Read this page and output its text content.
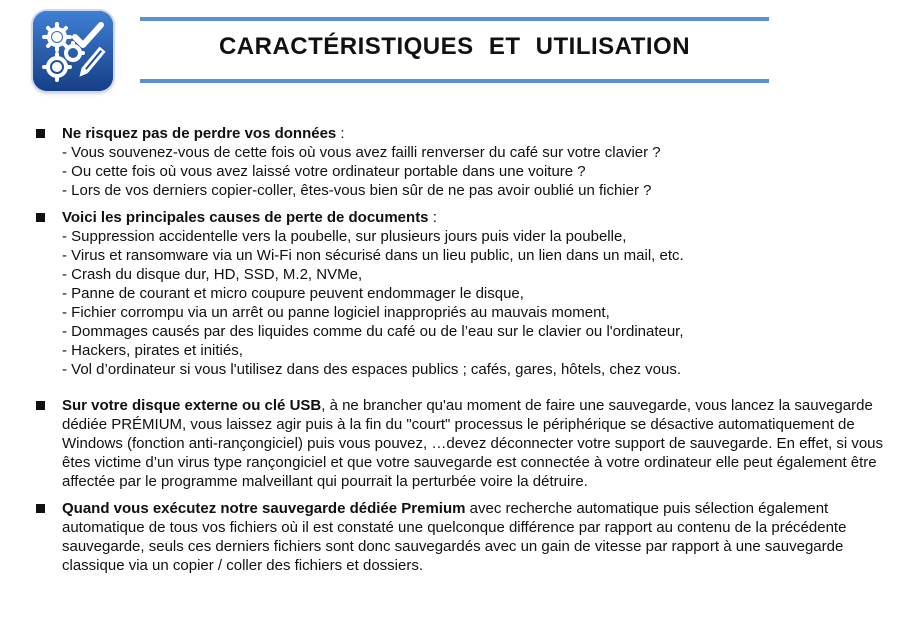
CARACTÉRISTIQUES ET UTILISATION
Ne risquez pas de perdre vos données :
- Vous souvenez-vous de cette fois où vous avez failli renverser du café sur votre clavier ?
- Ou cette fois où vous avez laissé votre ordinateur portable dans une voiture ?
- Lors de vos derniers copier-coller, êtes-vous bien sûr de ne pas avoir oublié un fichier ?
Voici les principales causes de perte de documents :
- Suppression accidentelle vers la poubelle, sur plusieurs jours puis vider la poubelle,
- Virus et ransomware via un Wi-Fi non sécurisé dans un lieu public, un lien dans un mail, etc.
- Crash du disque dur, HD, SSD, M.2, NVMe,
- Panne de courant et micro coupure peuvent endommager le disque,
- Fichier corrompu via un arrêt ou panne logiciel inappropriés au mauvais moment,
- Dommages causés par des liquides comme du café ou de l’eau sur le clavier ou l'ordinateur,
- Hackers, pirates et initiés,
- Vol d’ordinateur si vous l'utilisez dans des espaces publics ; cafés, gares, hôtels, chez vous.
Sur votre disque externe ou clé USB, à ne brancher qu'au moment de faire une sauvegarde, vous lancez la sauvegarde dédiée PRÉMIUM, vous laissez agir puis à la fin du "court" processus le périphérique se désactive automatiquement de Windows (fonction anti-rançongiciel) puis vous pouvez, …devez déconnecter votre support de sauvegarde. En effet, si vous êtes victime d’un virus type rançongiciel et que votre sauvegarde est connectée à votre ordinateur elle peut également être affectée par le programme malveillant qui pourrait la perturbée voire la détruire.
Quand vous exécutez notre sauvegarde dédiée Premium avec recherche automatique puis sélection également automatique de tous vos fichiers où il est constaté une quelconque différence par rapport au contenu de la précédente sauvegarde, seuls ces derniers fichiers sont donc sauvegardés avec un gain de vitesse par rapport à une sauvegarde classique via un copier / coller des fichiers et dossiers.
